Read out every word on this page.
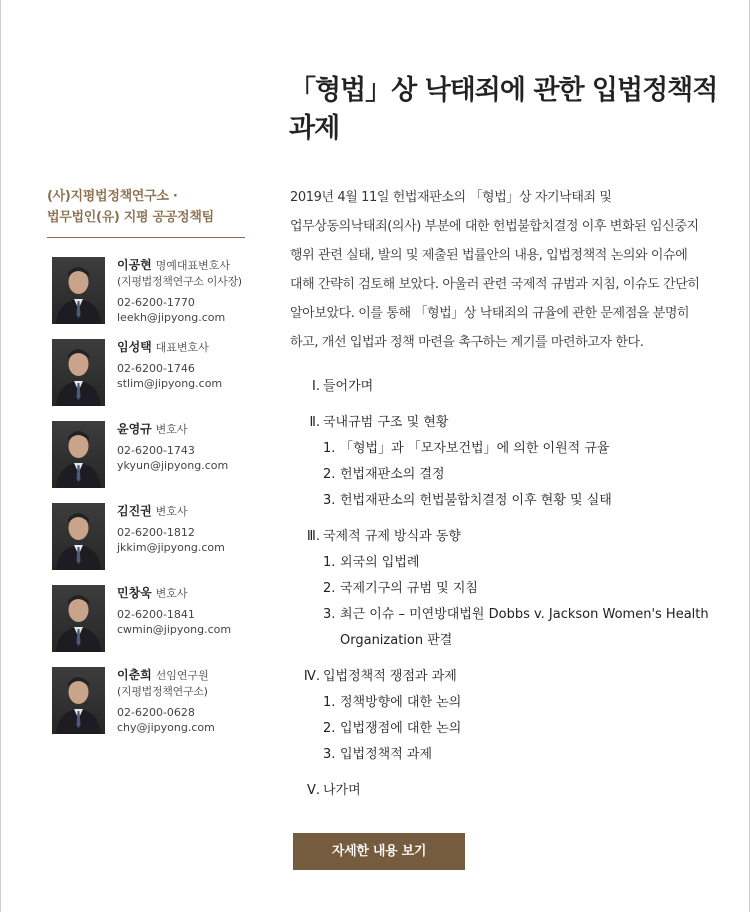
「형법」상 낙태죄에 관한 입법정책적 과제
(사)지평법정책연구소 ·
법무법인(유) 지평 공공정책팀
이공현 명예대표변호사
(지평법정책연구소 이사장)
02-6200-1770
leekh@jipyong.com
임성택 대표변호사
02-6200-1746
stlim@jipyong.com
윤영규 변호사
02-6200-1743
ykyun@jipyong.com
김진권 변호사
02-6200-1812
jkkim@jipyong.com
민창욱 변호사
02-6200-1841
cwmin@jipyong.com
이춘희 선임연구원
(지평법정책연구소)
02-6200-0628
chy@jipyong.com

2019년 4월 11일 헌법재판소의 「형법」상 자기낙태죄 및 업무상동의낙태죄(의사) 부분에 대한 헌법불합치결정 이후 변화된 임신중지 행위 관련 실태, 발의 및 제출된 법률안의 내용, 입법정책적 논의와 이슈에 대해 간략히 검토해 보았다. 아울러 관련 국제적 규범과 지침, 이슈도 간단히 알아보았다. 이를 통해 「형법」상 낙태죄의 규율에 관한 문제점을 분명히 하고, 개선 입법과 정책 마련을 촉구하는 계기를 마련하고자 한다.

Ⅰ. 들어가며
Ⅱ. 국내규범 구조 및 현황
1. 「형법」과 「모자보건법」에 의한 이원적 규율
2. 헌법재판소의 결정
3. 헌법재판소의 헌법불합치결정 이후 현황 및 실태
Ⅲ. 국제적 규제 방식과 동향
1. 외국의 입법례
2. 국제기구의 규범 및 지침
3. 최근 이슈 – 미연방대법원 Dobbs v. Jackson Women's Health Organization 판결
Ⅳ. 입법정책적 쟁점과 과제
1. 정책방향에 대한 논의
2. 입법쟁점에 대한 논의
3. 입법정책적 과제
Ⅴ. 나가며
자세한 내용 보기
